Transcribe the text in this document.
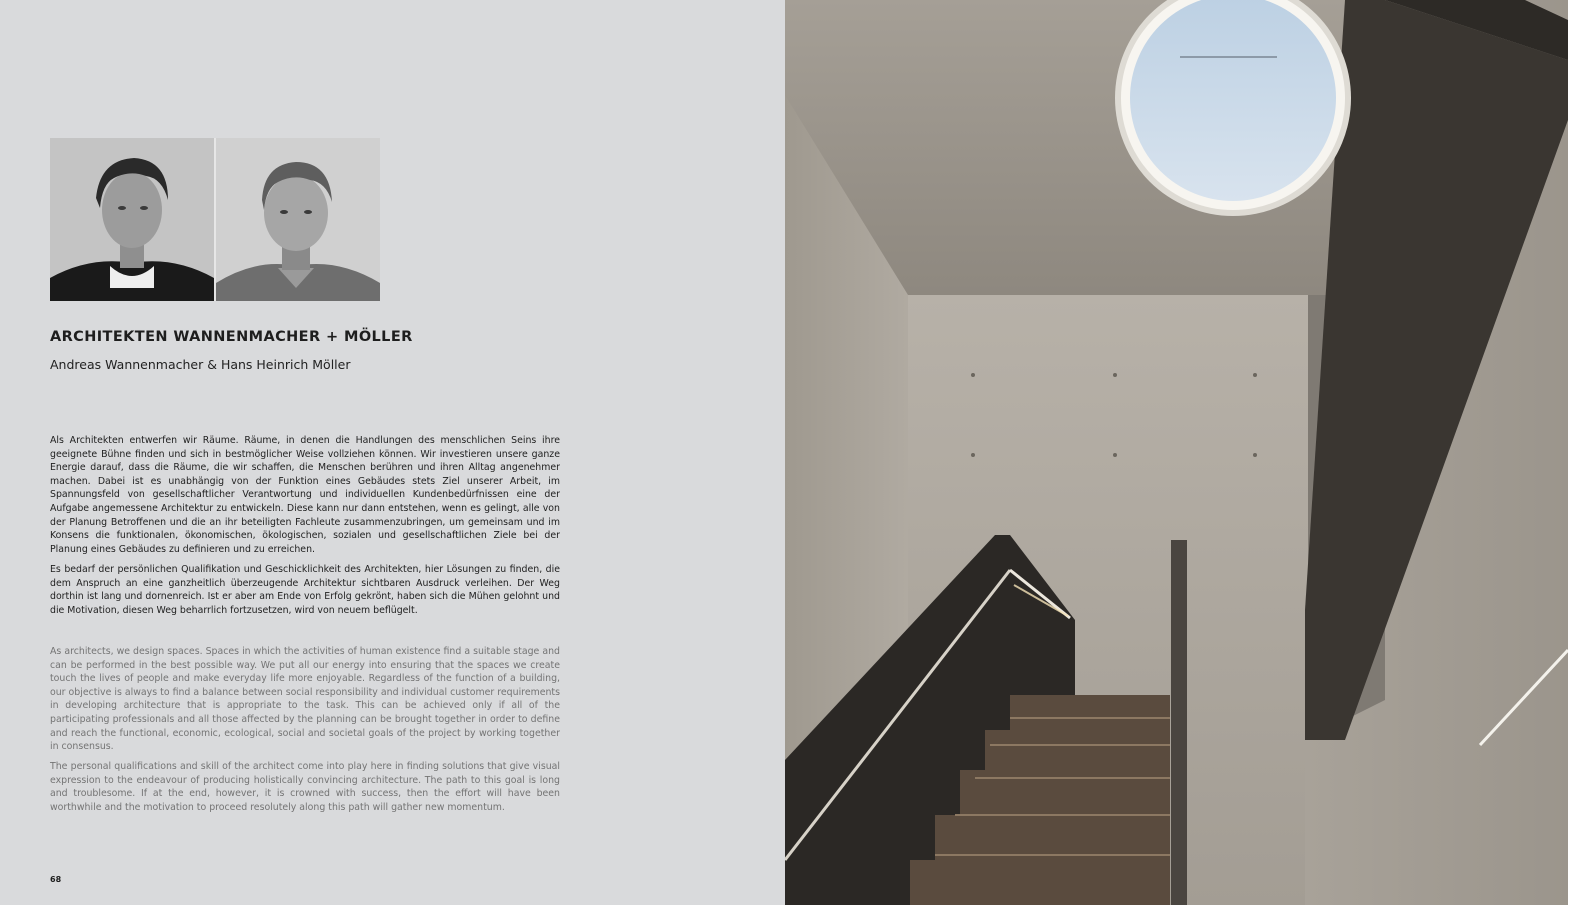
ARCHITEKTEN WANNENMACHER + MÖLLER
Andreas Wannenmacher & Hans Heinrich Möller

Als Architekten entwerfen wir Räume. Räume, in denen die Handlungen des menschlichen Seins ihre geeignete Bühne finden und sich in bestmöglicher Weise vollziehen können. Wir investieren unsere ganze Energie darauf, dass die Räume, die wir schaffen, die Menschen berühren und ihren Alltag angenehmer machen. Dabei ist es unabhängig von der Funktion eines Gebäudes stets Ziel unserer Arbeit, im Spannungsfeld von gesellschaftlicher Verantwortung und individuellen Kundenbedürfnissen eine der Aufgabe angemessene Architektur zu entwickeln. Diese kann nur dann entstehen, wenn es gelingt, alle von der Planung Betroffenen und die an ihr beteiligten Fachleute zusammenzubringen, um gemeinsam und im Konsens die funktionalen, ökonomischen, ökologischen, sozialen und gesellschaftlichen Ziele bei der Planung eines Gebäudes zu definieren und zu erreichen.

Es bedarf der persönlichen Qualifikation und Geschicklichkeit des Architekten, hier Lösungen zu finden, die dem Anspruch an eine ganzheitlich überzeugende Architektur sichtbaren Ausdruck verleihen. Der Weg dorthin ist lang und dornenreich. Ist er aber am Ende von Erfolg gekrönt, haben sich die Mühen gelohnt und die Motivation, diesen Weg beharrlich fortzusetzen, wird von neuem beflügelt.

As architects, we design spaces. Spaces in which the activities of human existence find a suitable stage and can be performed in the best possible way. We put all our energy into ensuring that the spaces we create touch the lives of people and make everyday life more enjoyable. Regardless of the function of a building, our objective is always to find a balance between social responsibility and individual customer requirements in developing architecture that is appropriate to the task. This can be achieved only if all of the participating professionals and all those affected by the planning can be brought together in order to define and reach the functional, economic, ecological, social and societal goals of the project by working together in consensus.

The personal qualifications and skill of the architect come into play here in finding solutions that give visual expression to the endeavour of producing holistically convincing architecture. The path to this goal is long and troublesome. If at the end, however, it is crowned with success, then the effort will have been worthwhile and the motivation to proceed resolutely along this path will gather new momentum.

68
